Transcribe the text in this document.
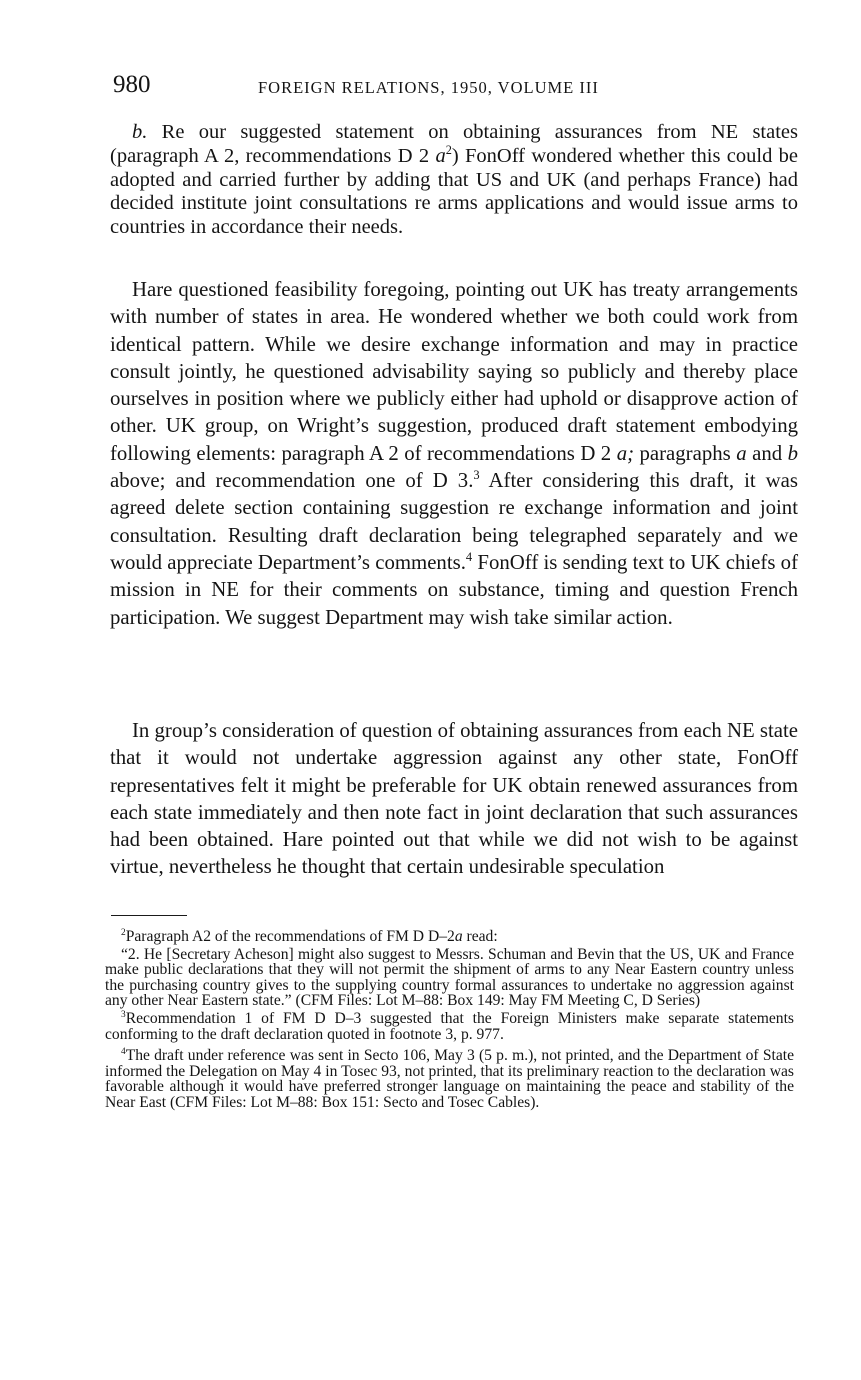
980	FOREIGN RELATIONS, 1950, VOLUME III

b. Re our suggested statement on obtaining assurances from NE states (paragraph A 2, recommendations D 2 $a^2$) FonOff wondered whether this could be adopted and carried further by adding that US and UK (and perhaps France) had decided institute joint consultations re arms applications and would issue arms to countries in accordance their needs.

Hare questioned feasibility foregoing, pointing out UK has treaty arrangements with number of states in area. He wondered whether we both could work from identical pattern. While we desire exchange information and may in practice consult jointly, he questioned advisability saying so publicly and thereby place ourselves in position where we publicly either had uphold or disapprove action of other. UK group, on Wright’s suggestion, produced draft statement embodying following elements: paragraph A 2 of recommendations D 2 a; paragraphs a and b above; and recommendation one of D 3.$^3$ After considering this draft, it was agreed delete section containing suggestion re exchange information and joint consultation. Resulting draft declaration being telegraphed separately and we would appreciate Department’s comments.$^4$ FonOff is sending text to UK chiefs of mission in NE for their comments on substance, timing and question French participation. We suggest Department may wish take similar action.

In group’s consideration of question of obtaining assurances from each NE state that it would not undertake aggression against any other state, FonOff representatives felt it might be preferable for UK obtain renewed assurances from each state immediately and then note fact in joint declaration that such assurances had been obtained. Hare pointed out that while we did not wish to be against virtue, nevertheless he thought that certain undesirable speculation

$^2$Paragraph A2 of the recommendations of FM D D–2a read:

“2. He [Secretary Acheson] might also suggest to Messrs. Schuman and Bevin that the US, UK and France make public declarations that they will not permit the shipment of arms to any Near Eastern country unless the purchasing country gives to the supplying country formal assurances to undertake no aggression against any other Near Eastern state.” (CFM Files: Lot M–88: Box 149: May FM Meeting C, D Series)

$^3$Recommendation 1 of FM D D–3 suggested that the Foreign Ministers make separate statements conforming to the draft declaration quoted in footnote 3, p. 977.

$^4$The draft under reference was sent in Secto 106, May 3 (5 p. m.), not printed, and the Department of State informed the Delegation on May 4 in Tosec 93, not printed, that its preliminary reaction to the declaration was favorable although it would have preferred stronger language on maintaining the peace and stability of the Near East (CFM Files: Lot M–88: Box 151: Secto and Tosec Cables).
